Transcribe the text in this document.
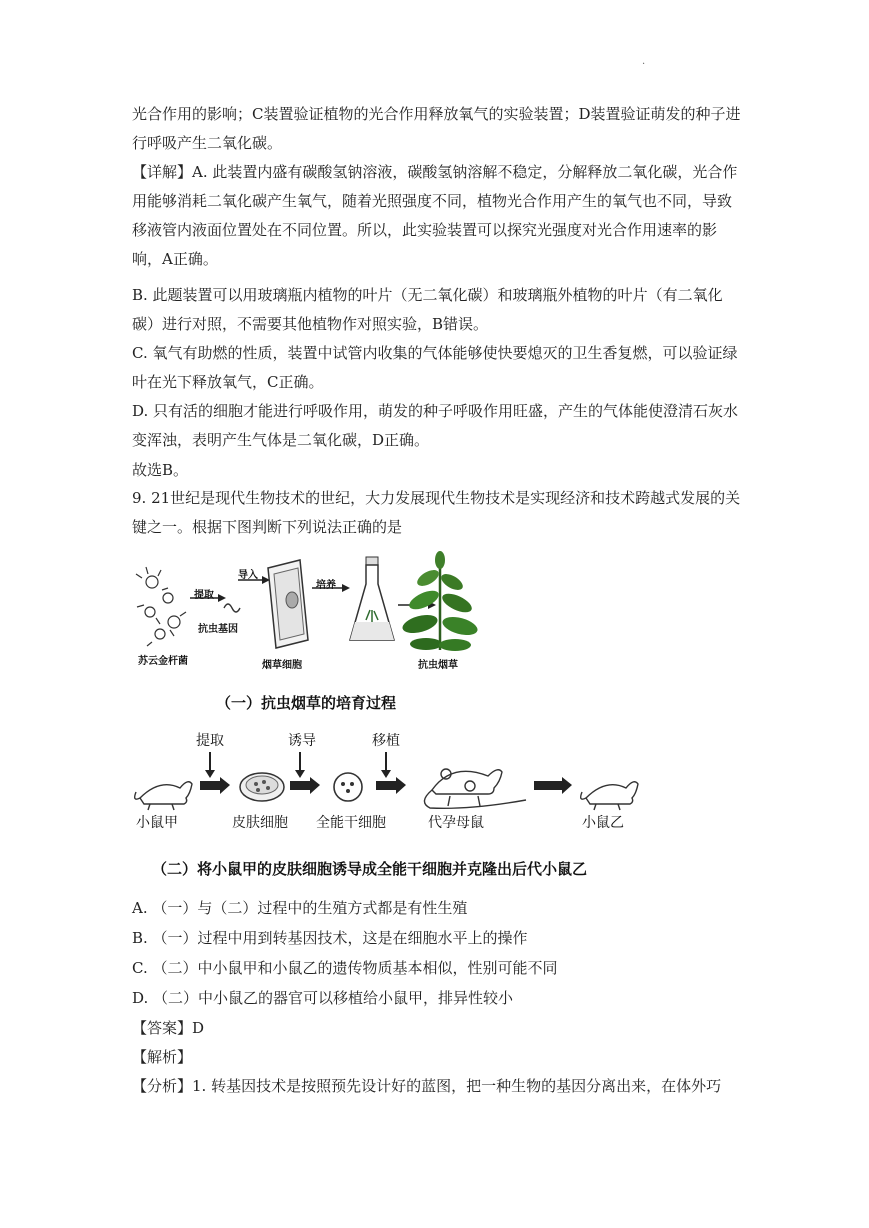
.

光合作用的影响；C装置验证植物的光合作用释放氧气的实验装置；D装置验证萌发的种子进行呼吸产生二氧化碳。

【详解】A. 此装置内盛有碳酸氢钠溶液，碳酸氢钠溶解不稳定，分解释放二氧化碳，光合作用能够消耗二氧化碳产生氧气，随着光照强度不同，植物光合作用产生的氧气也不同，导致移液管内液面位置处在不同位置。所以，此实验装置可以探究光强度对光合作用速率的影响，A正确。

B. 此题装置可以用玻璃瓶内植物的叶片（无二氧化碳）和玻璃瓶外植物的叶片（有二氧化碳）进行对照，不需要其他植物作对照实验，B错误。

C. 氧气有助燃的性质，装置中试管内收集的气体能够使快要熄灭的卫生香复燃，可以验证绿叶在光下释放氧气，C正确。

D. 只有活的细胞才能进行呼吸作用，萌发的种子呼吸作用旺盛，产生的气体能使澄清石灰水变浑浊，表明产生气体是二氧化碳，D正确。

故选B。

9. 21世纪是现代生物技术的世纪，大力发展现代生物技术是实现经济和技术跨越式发展的关键之一。根据下图判断下列说法正确的是

提取
导入
培养
抗虫基因
苏云金杆菌	烟草细胞	抗虫烟草
（一）抗虫烟草的培育过程
提取	诱导	移植
小鼠甲	皮肤细胞 全能干细胞	代孕母鼠	小鼠乙
（二）将小鼠甲的皮肤细胞诱导成全能干细胞并克隆出后代小鼠乙

A. （一）与（二）过程中的生殖方式都是有性生殖

B. （一）过程中用到转基因技术，这是在细胞水平上的操作

C. （二）中小鼠甲和小鼠乙的遗传物质基本相似，性别可能不同

D. （二）中小鼠乙的器官可以移植给小鼠甲，排异性较小

【答案】D

【解析】

【分析】1. 转基因技术是按照预先设计好的蓝图，把一种生物的基因分离出来，在体外巧
